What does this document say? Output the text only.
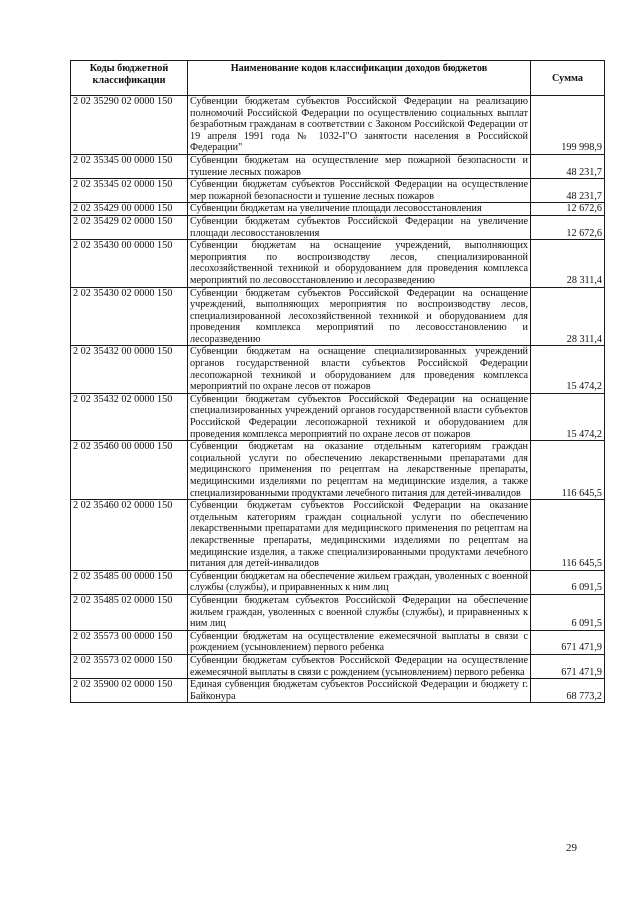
Коды бюджетной классификации	Наименование кодов классификации доходов бюджетов	Сумма
2 02 35290 02 0000 150	Субвенции бюджетам субъектов Российской Федерации на реализацию полномочий Российской Федерации по осуществлению социальных выплат безработным гражданам в соответствии с Законом Российской Федерации от 19 апреля 1991 года № 1032-I"О занятости населения в Российской Федерации"	199 998,9
2 02 35345 00 0000 150	Субвенции бюджетам на осуществление мер пожарной безопасности и тушение лесных пожаров	48 231,7
2 02 35345 02 0000 150	Субвенции бюджетам субъектов Российской Федерации на осуществление мер пожарной безопасности и тушение лесных пожаров	48 231,7
2 02 35429 00 0000 150	Субвенции бюджетам на увеличение площади лесовосстановления	12 672,6
2 02 35429 02 0000 150	Субвенции бюджетам субъектов Российской Федерации на увеличение площади лесовосстановления	12 672,6
2 02 35430 00 0000 150	Субвенции бюджетам на оснащение учреждений, выполняющих мероприятия по воспроизводству лесов, специализированной лесохозяйственной техникой и оборудованием для проведения комплекса мероприятий по лесовосстановлению и лесоразведению	28 311,4
2 02 35430 02 0000 150	Субвенции бюджетам субъектов Российской Федерации на оснащение учреждений, выполняющих мероприятия по воспроизводству лесов, специализированной лесохозяйственной техникой и оборудованием для проведения комплекса мероприятий по лесовосстановлению и лесоразведению	28 311,4
2 02 35432 00 0000 150	Субвенции бюджетам на оснащение специализированных учреждений органов государственной власти субъектов Российской Федерации лесопожарной техникой и оборудованием для проведения комплекса мероприятий по охране лесов от пожаров	15 474,2
2 02 35432 02 0000 150	Субвенции бюджетам субъектов Российской Федерации на оснащение специализированных учреждений органов государственной власти субъектов Российской Федерации лесопожарной техникой и оборудованием для проведения комплекса мероприятий по охране лесов от пожаров	15 474,2
2 02 35460 00 0000 150	Субвенции бюджетам на оказание отдельным категориям граждан социальной услуги по обеспечению лекарственными препаратами для медицинского применения по рецептам на лекарственные препараты, медицинскими изделиями по рецептам на медицинские изделия, а также специализированными продуктами лечебного питания для детей-инвалидов	116 645,5
2 02 35460 02 0000 150	Субвенции бюджетам субъектов Российской Федерации на оказание отдельным категориям граждан социальной услуги по обеспечению лекарственными препаратами для медицинского применения по рецептам на лекарственные препараты, медицинскими изделиями по рецептам на медицинские изделия, а также специализированными продуктами лечебного питания для детей-инвалидов	116 645,5
2 02 35485 00 0000 150	Субвенции бюджетам на обеспечение жильем граждан, уволенных с военной службы (службы), и приравненных к ним лиц	6 091,5
2 02 35485 02 0000 150	Субвенции бюджетам субъектов Российской Федерации на обеспечение жильем граждан, уволенных с военной службы (службы), и приравненных к ним лиц	6 091,5
2 02 35573 00 0000 150	Субвенции бюджетам на осуществление ежемесячной выплаты в связи с рождением (усыновлением) первого ребенка	671 471,9
2 02 35573 02 0000 150	Субвенции бюджетам субъектов Российской Федерации на осуществление ежемесячной выплаты в связи с рождением (усыновлением) первого ребенка	671 471,9
2 02 35900 02 0000 150	Единая субвенция бюджетам субъектов Российской Федерации и бюджету г. Байконура	68 773,2
29
